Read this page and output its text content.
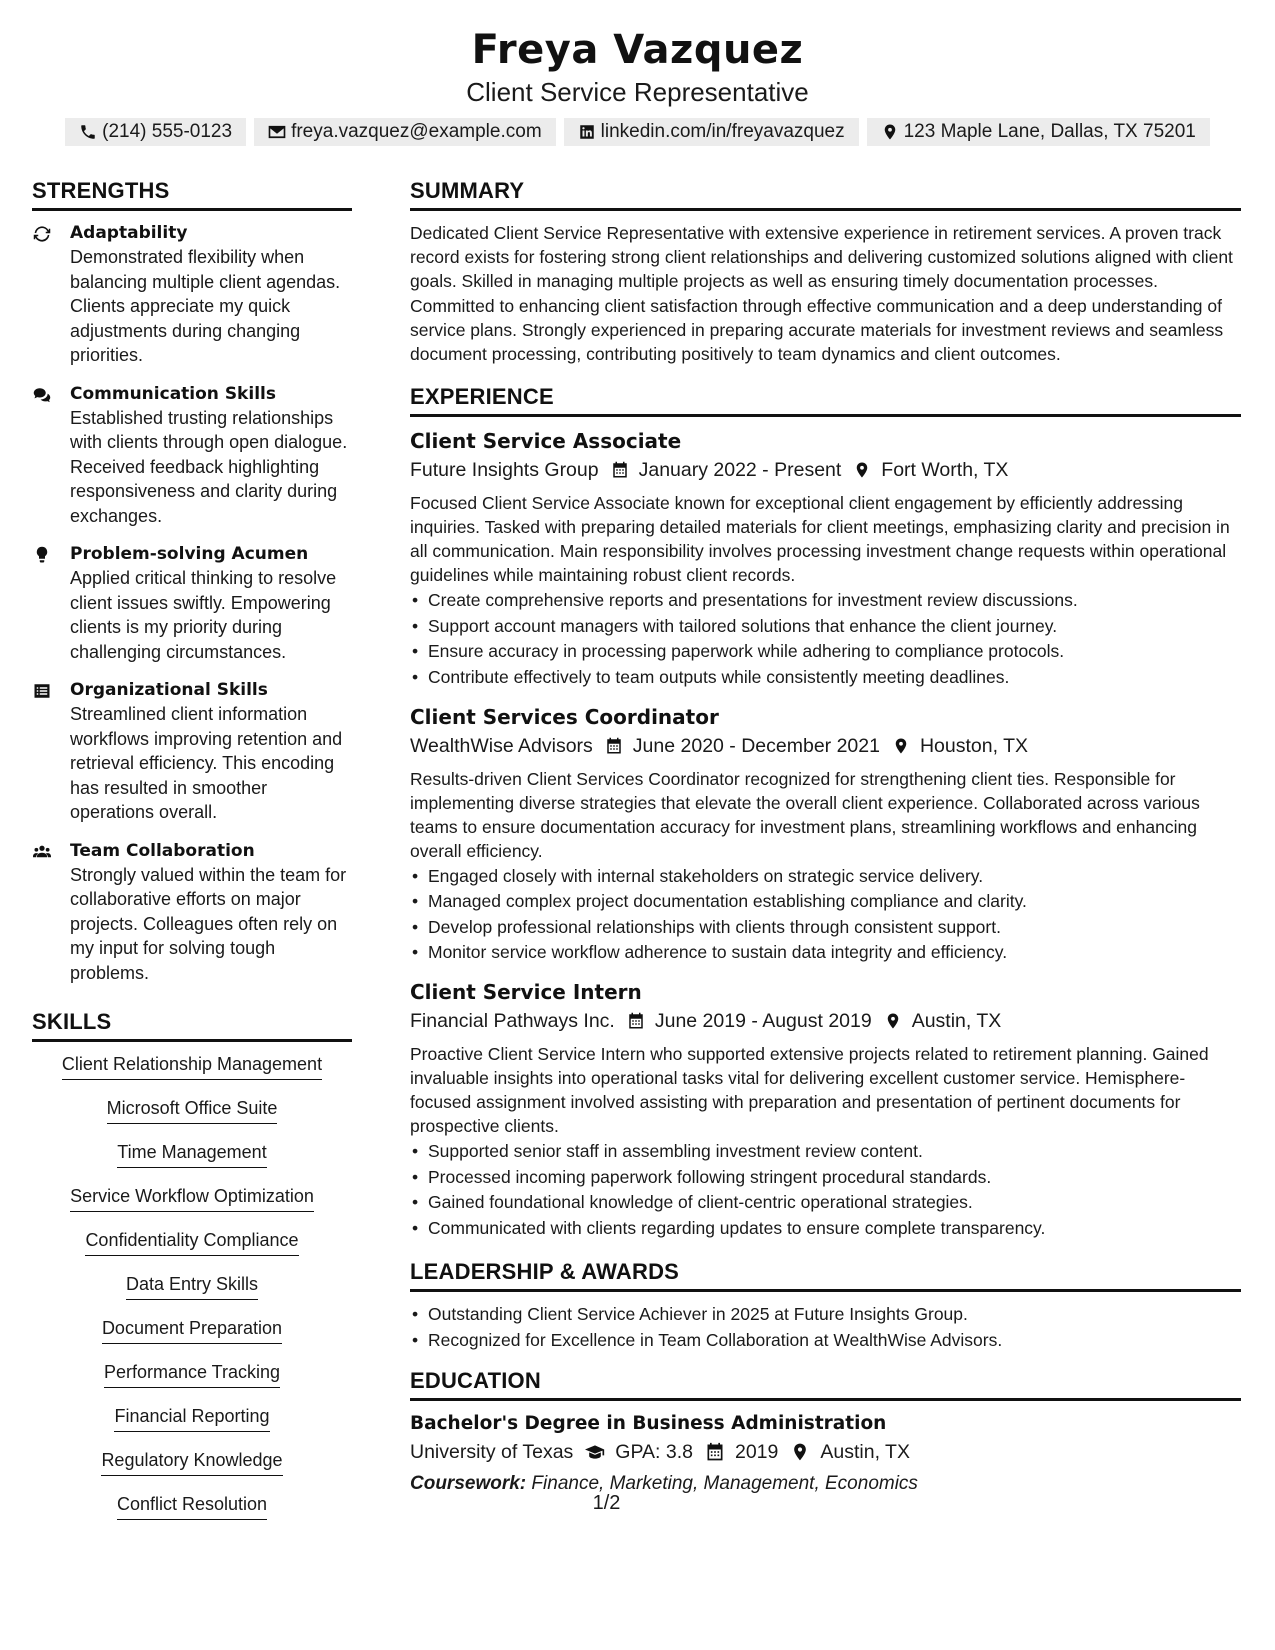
Freya Vazquez
Client Service Representative
(214) 555-0123	freya.vazquez@example.com	linkedin.com/in/freyavazquez	123 Maple Lane, Dallas, TX 75201
STRENGTHS
Adaptability
Demonstrated flexibility when balancing multiple client agendas. Clients appreciate my quick adjustments during changing priorities.
Communication Skills
Established trusting relationships with clients through open dialogue. Received feedback highlighting responsiveness and clarity during exchanges.
Problem-solving Acumen
Applied critical thinking to resolve client issues swiftly. Empowering clients is my priority during challenging circumstances.
Organizational Skills
Streamlined client information workflows improving retention and retrieval efficiency. This encoding has resulted in smoother operations overall.
Team Collaboration
Strongly valued within the team for collaborative efforts on major projects. Colleagues often rely on my input for solving tough problems.
SKILLS
Client Relationship Management
Microsoft Office Suite
Time Management
Service Workflow Optimization
Confidentiality Compliance
Data Entry Skills
Document Preparation
Performance Tracking
Financial Reporting
Regulatory Knowledge
Conflict Resolution
SUMMARY
Dedicated Client Service Representative with extensive experience in retirement services. A proven track record exists for fostering strong client relationships and delivering customized solutions aligned with client goals. Skilled in managing multiple projects as well as ensuring timely documentation processes. Committed to enhancing client satisfaction through effective communication and a deep understanding of service plans. Strongly experienced in preparing accurate materials for investment reviews and seamless document processing, contributing positively to team dynamics and client outcomes.
EXPERIENCE
Client Service Associate
Future Insights Group January 2022 - Present Fort Worth, TX
Focused Client Service Associate known for exceptional client engagement by efficiently addressing inquiries. Tasked with preparing detailed materials for client meetings, emphasizing clarity and precision in all communication. Main responsibility involves processing investment change requests within operational guidelines while maintaining robust client records.
• Create comprehensive reports and presentations for investment review discussions.
• Support account managers with tailored solutions that enhance the client journey.
• Ensure accuracy in processing paperwork while adhering to compliance protocols.
• Contribute effectively to team outputs while consistently meeting deadlines.
Client Services Coordinator
WealthWise Advisors June 2020 - December 2021 Houston, TX
Results-driven Client Services Coordinator recognized for strengthening client ties. Responsible for implementing diverse strategies that elevate the overall client experience. Collaborated across various teams to ensure documentation accuracy for investment plans, streamlining workflows and enhancing overall efficiency.
• Engaged closely with internal stakeholders on strategic service delivery.
• Managed complex project documentation establishing compliance and clarity.
• Develop professional relationships with clients through consistent support.
• Monitor service workflow adherence to sustain data integrity and efficiency.
Client Service Intern
Financial Pathways Inc. June 2019 - August 2019 Austin, TX
Proactive Client Service Intern who supported extensive projects related to retirement planning. Gained invaluable insights into operational tasks vital for delivering excellent customer service. Hemisphere-focused assignment involved assisting with preparation and presentation of pertinent documents for prospective clients.
• Supported senior staff in assembling investment review content.
• Processed incoming paperwork following stringent procedural standards.
• Gained foundational knowledge of client-centric operational strategies.
• Communicated with clients regarding updates to ensure complete transparency.
LEADERSHIP & AWARDS
• Outstanding Client Service Achiever in 2025 at Future Insights Group.
• Recognized for Excellence in Team Collaboration at WealthWise Advisors.
EDUCATION
Bachelor's Degree in Business Administration
University of Texas GPA: 3.8 2019 Austin, TX
Coursework: Finance, Marketing, Management, Economics
1/2
